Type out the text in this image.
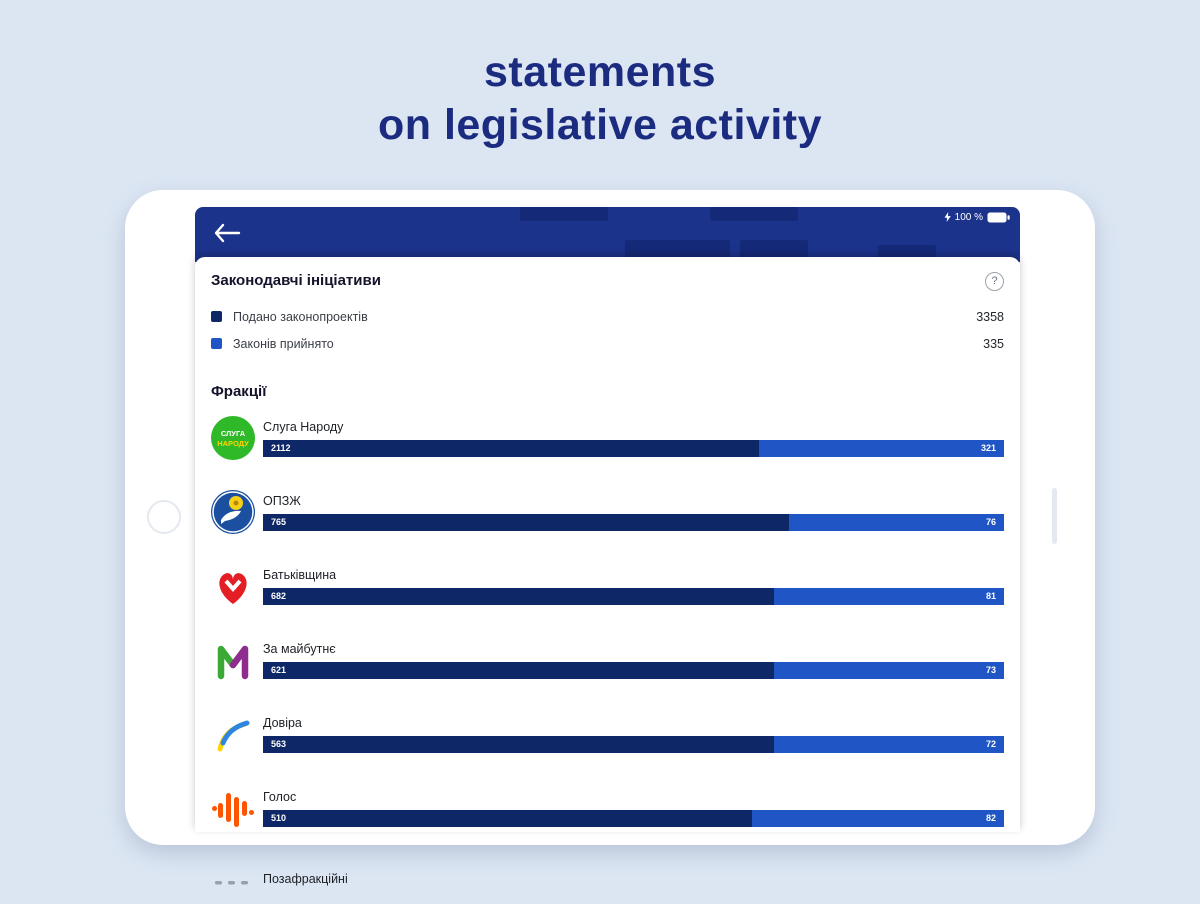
statements
on legislative activity
100 %
Законодавчі ініціативи	?
Подано законопроектів	3358
Законів прийнято	335
Фракції
СЛУГА
НАРОДУ
Слуга Народу
2112	321
ОПЗЖ
765	76
Батьківщина
682	81
За майбутнє
621	73
Довіра
563	72
Голос
510	82
Позафракційні
